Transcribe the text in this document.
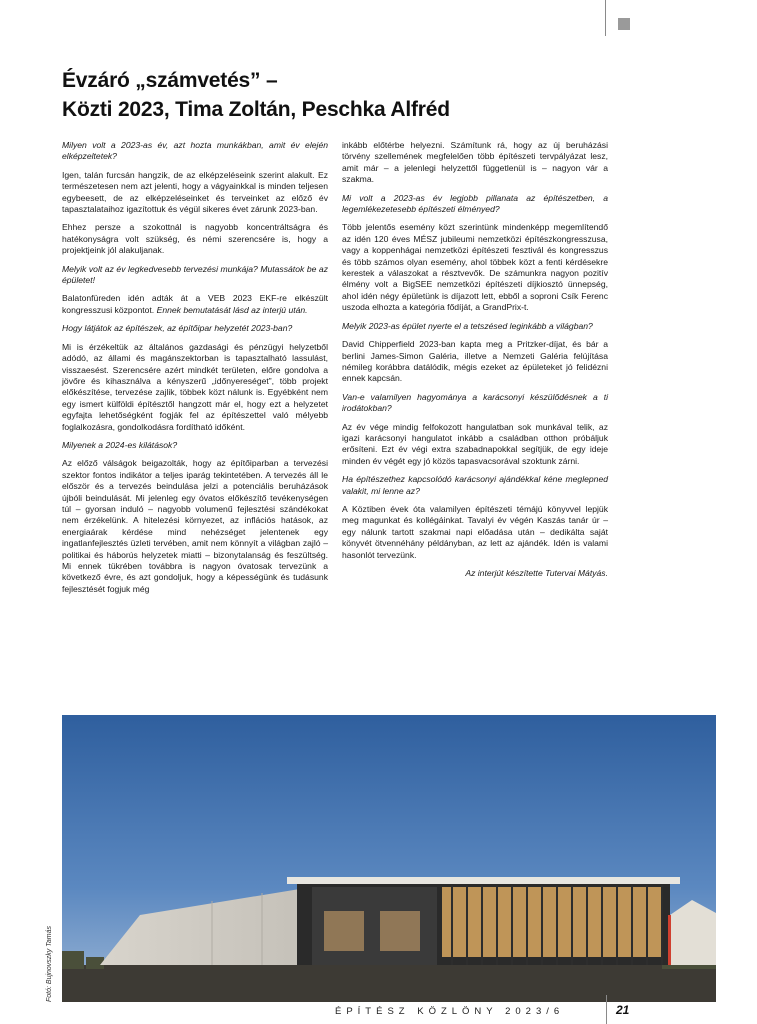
Évzáró „számvetés” –
Közti 2023, Tima Zoltán, Peschka Alfréd

Milyen volt a 2023-as év, azt hozta munkákban, amit év elején elképzeltetek?

Igen, talán furcsán hangzik, de az elképzeléseink szerint alakult. Ez természetesen nem azt jelenti, hogy a vágyainkkal is minden teljesen egybeesett, de az elképzeléseinket és terveinket az előző év tapasztalataihoz igazítottuk és végül sikeres évet zárunk 2023-ban.

Ehhez persze a szokottnál is nagyobb koncentráltságra és hatékonyságra volt szükség, és némi szerencsére is, hogy a projektjeink jól alakuljanak.

Melyik volt az év legkedvesebb tervezési munkája? Mutassátok be az épületet!

Balatonfüreden idén adták át a VEB 2023 EKF-re elkészült kongresszusi központot. Ennek bemutatását lásd az interjú után.

Hogy látjátok az építészek, az építőipar helyzetét 2023-ban?

Mi is érzékeltük az általános gazdasági és pénzügyi helyzetből adódó, az állami és magánszektorban is tapasztalható lassulást, visszaesést. Szerencsére azért mindkét területen, előre gondolva a jövőre és kihasználva a kényszerű „időnyereséget”, több projekt előkészítése, tervezése zajlik, többek közt nálunk is. Egyébként nem egy ismert külföldi építésztől hangzott már el, hogy ezt a helyzetet egyfajta lehetőségként fogják fel az építészettel való mélyebb foglalkozásra, gondolkodásra fordítható időként.

Milyenek a 2024-es kilátások?

Az előző válságok beigazolták, hogy az építőiparban a tervezési szektor fontos indikátor a teljes iparág tekintetében. A tervezés áll le először és a tervezés beindulása jelzi a potenciális beruházások újbóli beindulását. Mi jelenleg egy óvatos előkészítő tevékenységen túl – gyorsan induló – nagyobb volumenű fejlesztési szándékokat nem érzékelünk. A hitelezési környezet, az inflációs hatások, az energiaárak kérdése mind nehézséget jelentenek egy ingatlanfejlesztés üzleti tervében, amit nem könnyít a világban zajló – politikai és háborús helyzetek miatti – bizonytalanság és feszültség. Mi ennek tükrében továbbra is nagyon óvatosak tervezünk a következő évre, és azt gondoljuk, hogy a képességünk és tudásunk fejlesztését fogjuk még

inkább előtérbe helyezni. Számítunk rá, hogy az új beruházási törvény szellemének megfelelően több építészeti tervpályázat lesz, amit már – a jelenlegi helyzettől függetlenül is – nagyon vár a szakma.

Mi volt a 2023-as év legjobb pillanata az építészetben, a legemlékezetesebb építészeti élményed?

Több jelentős esemény közt szerintünk mindenképp megemlítendő az idén 120 éves MÉSZ jubileumi nemzetközi építészkongresszusa, vagy a koppenhágai nemzetközi építészeti fesztivál és kongresszus és több számos olyan esemény, ahol többek közt a fenti kérdésekre kerestek a válaszokat a résztvevők. De számunkra nagyon pozitív élmény volt a BigSEE nemzetközi építészeti díjkiosztó ünnepség, ahol idén négy épületünk is díjazott lett, ebből a soproni Csík Ferenc uszoda elhozta a kategória fődíját, a GrandPrix-t.

Melyik 2023-as épület nyerte el a tetszésed leginkább a világban?

David Chipperfield 2023-ban kapta meg a Pritzker-díjat, és bár a berlini James-Simon Galéria, illetve a Nemzeti Galéria felújítása némileg korábbra datálódik, mégis ezeket az épületeket jó felidézni ennek kapcsán.

Van-e valamilyen hagyománya a karácsonyi készülődésnek a ti irodátokban?

Az év vége mindig felfokozott hangulatban sok munkával telik, az igazi karácsonyi hangulatot inkább a családban otthon próbáljuk erősíteni. Ezt év végi extra szabadnapokkal segítjük, de egy ideje minden év végét egy jó közös tapasvacsorával szoktunk zárni.

Ha építészethez kapcsolódó karácsonyi ajándékkal kéne meglepned valakit, mi lenne az?

A Köztiben évek óta valamilyen építészeti témájú könyvvel lepjük meg magunkat és kollégáinkat. Tavalyi év végén Kaszás tanár úr – egy nálunk tartott szakmai napi előadása után – dedikálta saját könyvét ötvennéhány példányban, az lett az ajándék. Idén is valami hasonlót tervezünk.

Az interjút készítette Tutervai Mátyás.

Fotó: Bujnovszky Tamás
ÉPÍTÉSZ KÖZLÖNY 2023/6	21
